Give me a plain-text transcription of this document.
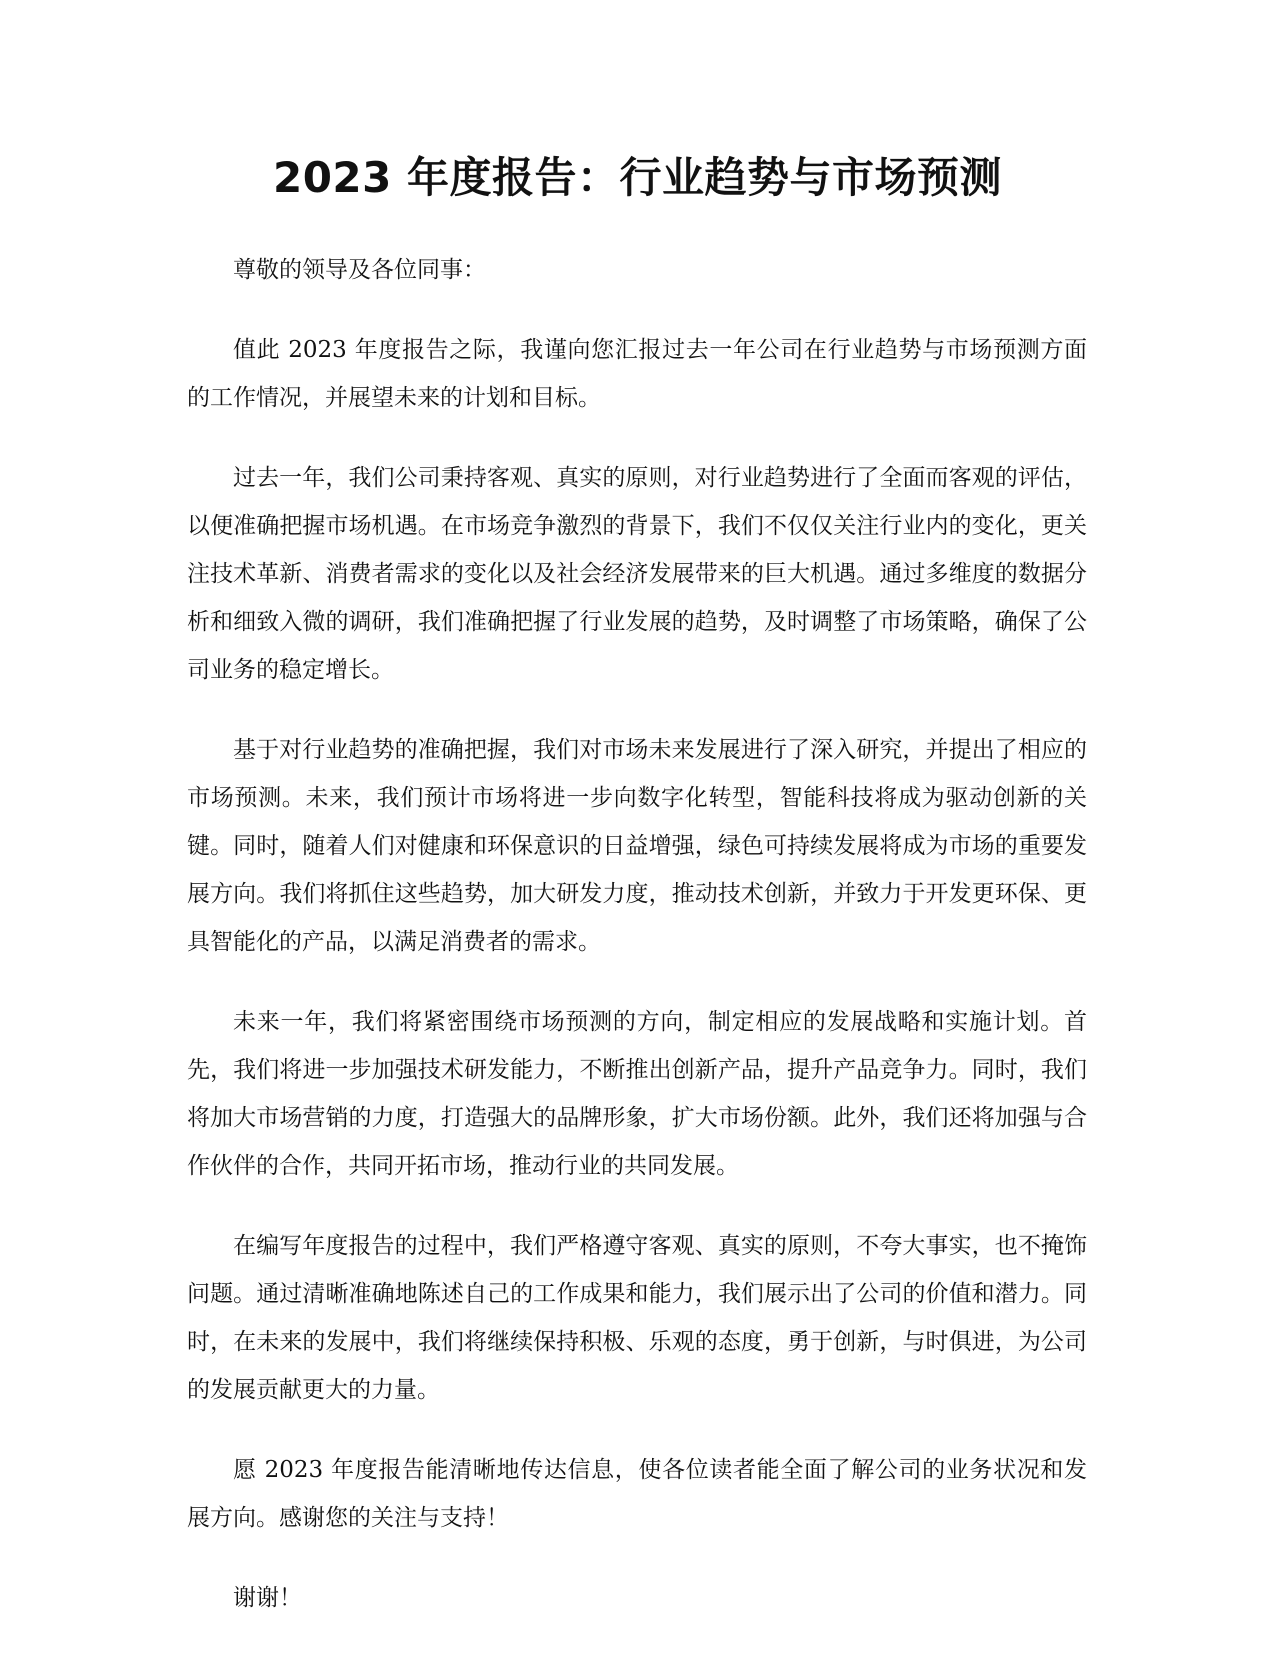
2023 年度报告：行业趋势与市场预测

尊敬的领导及各位同事：

值此 2023 年度报告之际，我谨向您汇报过去一年公司在行业趋势与市场预测方面的工作情况，并展望未来的计划和目标。

过去一年，我们公司秉持客观、真实的原则，对行业趋势进行了全面而客观的评估，以便准确把握市场机遇。在市场竞争激烈的背景下，我们不仅仅关注行业内的变化，更关注技术革新、消费者需求的变化以及社会经济发展带来的巨大机遇。通过多维度的数据分析和细致入微的调研，我们准确把握了行业发展的趋势，及时调整了市场策略，确保了公司业务的稳定增长。

基于对行业趋势的准确把握，我们对市场未来发展进行了深入研究，并提出了相应的市场预测。未来，我们预计市场将进一步向数字化转型，智能科技将成为驱动创新的关键。同时，随着人们对健康和环保意识的日益增强，绿色可持续发展将成为市场的重要发展方向。我们将抓住这些趋势，加大研发力度，推动技术创新，并致力于开发更环保、更具智能化的产品，以满足消费者的需求。

未来一年，我们将紧密围绕市场预测的方向，制定相应的发展战略和实施计划。首先，我们将进一步加强技术研发能力，不断推出创新产品，提升产品竞争力。同时，我们将加大市场营销的力度，打造强大的品牌形象，扩大市场份额。此外，我们还将加强与合作伙伴的合作，共同开拓市场，推动行业的共同发展。

在编写年度报告的过程中，我们严格遵守客观、真实的原则，不夸大事实，也不掩饰问题。通过清晰准确地陈述自己的工作成果和能力，我们展示出了公司的价值和潜力。同时，在未来的发展中，我们将继续保持积极、乐观的态度，勇于创新，与时俱进，为公司的发展贡献更大的力量。

愿 2023 年度报告能清晰地传达信息，使各位读者能全面了解公司的业务状况和发展方向。感谢您的关注与支持！

谢谢！
